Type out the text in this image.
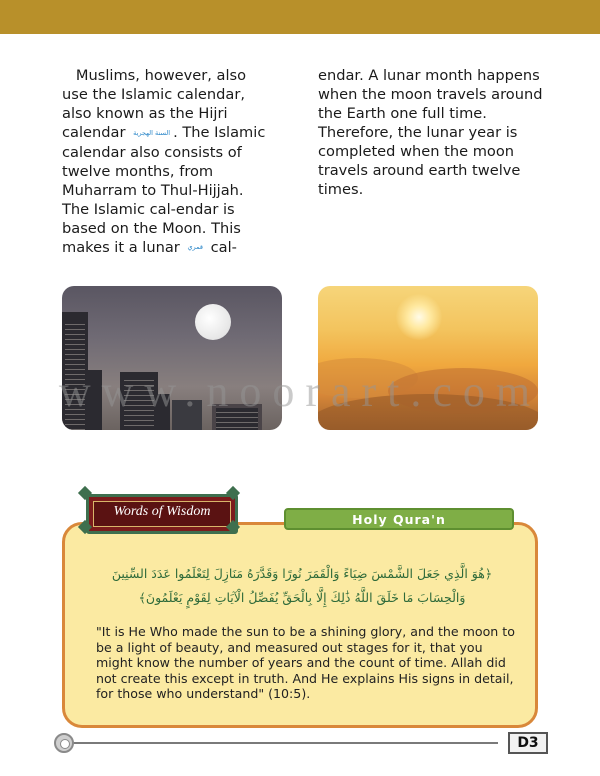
Muslims, however, also use the Islamic calendar, also known as the Hijri calendar السنة الهجرية . The Islamic calendar also consists of twelve months, from Muharram to Thul-Hijjah. The Islamic cal-endar is based on the Moon. This makes it a lunar قمري cal-

endar. A lunar month happens when the moon travels around the Earth one full time. Therefore, the lunar year is completed when the moon travels around earth twelve times.

www.noorart.com
Holy Qura'n
Words of Wisdom
﴿هُوَ الَّذِي جَعَلَ الشَّمْسَ ضِيَاءً وَالْقَمَرَ نُورًا وَقَدَّرَهُ مَنَازِلَ لِتَعْلَمُوا عَدَدَ السِّنِينَ
وَالْحِسَابَ مَا خَلَقَ اللَّهُ ذَٰلِكَ إِلَّا بِالْحَقِّ يُفَصِّلُ الْآيَاتِ لِقَوْمٍ يَعْلَمُونَ﴾
"It is He Who made the sun to be a shining glory, and the moon to be a light of beauty, and measured out stages for it, that you might know the number of years and the count of time. Allah did not create this except in truth. And He explains His signs in detail, for those who understand" (10:5).
D3
